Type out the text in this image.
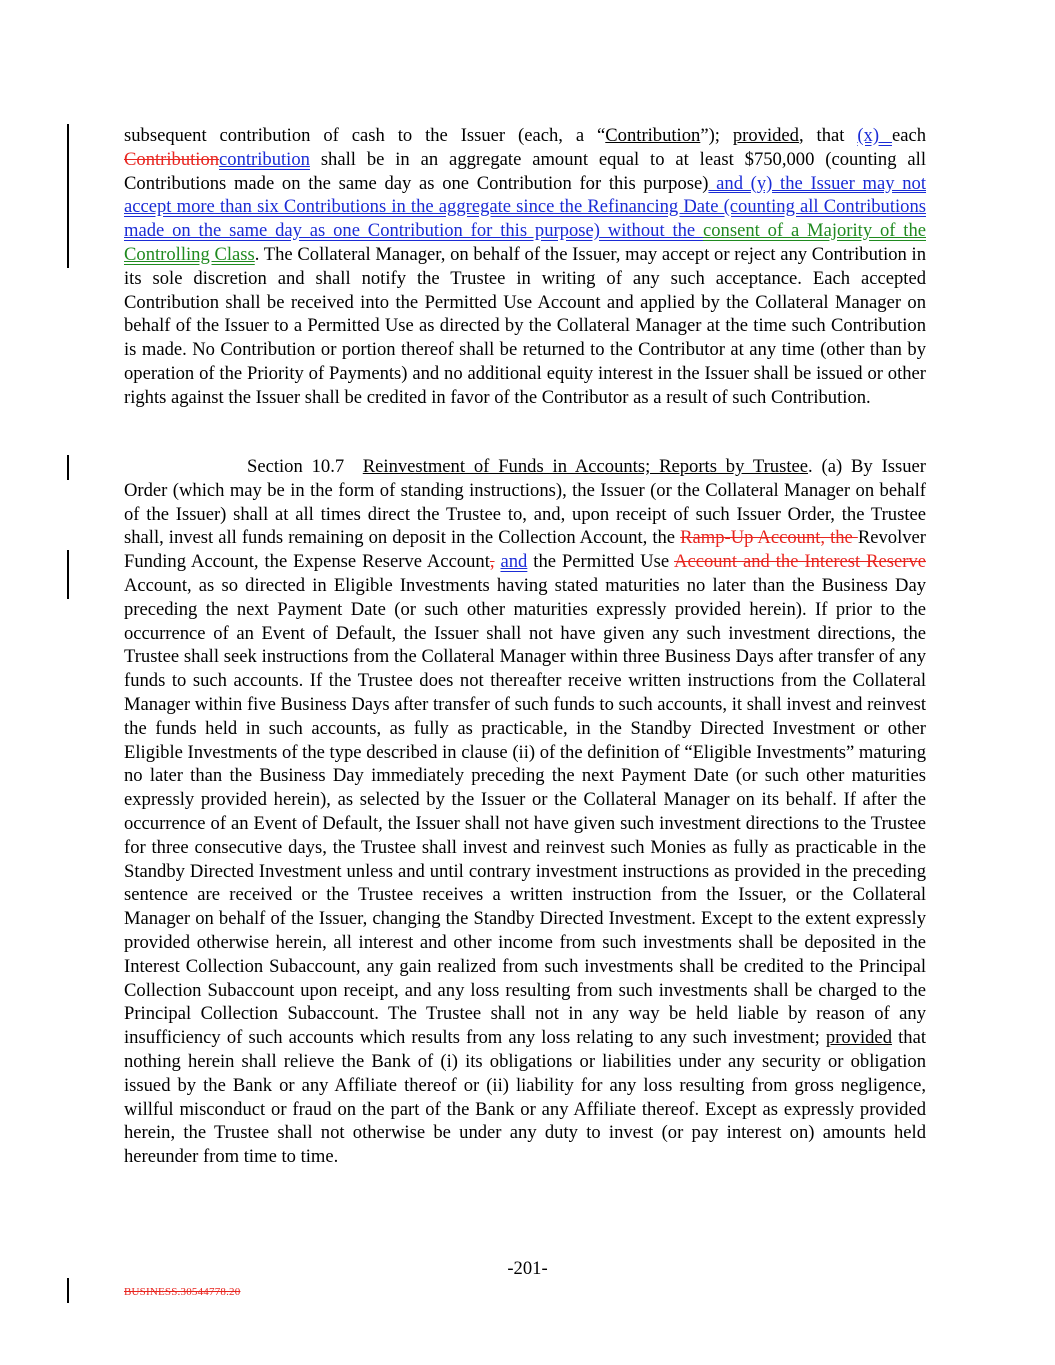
subsequent contribution of cash to the Issuer (each, a “Contribution”); provided, that (x) each Contributioncontribution shall be in an aggregate amount equal to at least $750,000 (counting all Contributions made on the same day as one Contribution for this purpose) and (y) the Issuer may not accept more than six Contributions in the aggregate since the Refinancing Date (counting all Contributions made on the same day as one Contribution for this purpose) without the consent of a Majority of the Controlling Class. The Collateral Manager, on behalf of the Issuer, may accept or reject any Contribution in its sole discretion and shall notify the Trustee in writing of any such acceptance. Each accepted Contribution shall be received into the Permitted Use Account and applied by the Collateral Manager on behalf of the Issuer to a Permitted Use as directed by the Collateral Manager at the time such Contribution is made. No Contribution or portion thereof shall be returned to the Contributor at any time (other than by operation of the Priority of Payments) and no additional equity interest in the Issuer shall be issued or other rights against the Issuer shall be credited in favor of the Contributor as a result of such Contribution.

Section 10.7  Reinvestment of Funds in Accounts; Reports by Trustee. (a) By Issuer Order (which may be in the form of standing instructions), the Issuer (or the Collateral Manager on behalf of the Issuer) shall at all times direct the Trustee to, and, upon receipt of such Issuer Order, the Trustee shall, invest all funds remaining on deposit in the Collection Account, the Ramp-Up Account, the Revolver Funding Account, the Expense Reserve Account, and the Permitted Use Account and the Interest Reserve Account, as so directed in Eligible Investments having stated maturities no later than the Business Day preceding the next Payment Date (or such other maturities expressly provided herein). If prior to the occurrence of an Event of Default, the Issuer shall not have given any such investment directions, the Trustee shall seek instructions from the Collateral Manager within three Business Days after transfer of any funds to such accounts. If the Trustee does not thereafter receive written instructions from the Collateral Manager within five Business Days after transfer of such funds to such accounts, it shall invest and reinvest the funds held in such accounts, as fully as practicable, in the Standby Directed Investment or other Eligible Investments of the type described in clause (ii) of the definition of “Eligible Investments” maturing no later than the Business Day immediately preceding the next Payment Date (or such other maturities expressly provided herein), as selected by the Issuer or the Collateral Manager on its behalf. If after the occurrence of an Event of Default, the Issuer shall not have given such investment directions to the Trustee for three consecutive days, the Trustee shall invest and reinvest such Monies as fully as practicable in the Standby Directed Investment unless and until contrary investment instructions as provided in the preceding sentence are received or the Trustee receives a written instruction from the Issuer, or the Collateral Manager on behalf of the Issuer, changing the Standby Directed Investment. Except to the extent expressly provided otherwise herein, all interest and other income from such investments shall be deposited in the Interest Collection Subaccount, any gain realized from such investments shall be credited to the Principal Collection Subaccount upon receipt, and any loss resulting from such investments shall be charged to the Principal Collection Subaccount. The Trustee shall not in any way be held liable by reason of any insufficiency of such accounts which results from any loss relating to any such investment; provided that nothing herein shall relieve the Bank of (i) its obligations or liabilities under any security or obligation issued by the Bank or any Affiliate thereof or (ii) liability for any loss resulting from gross negligence, willful misconduct or fraud on the part of the Bank or any Affiliate thereof. Except as expressly provided herein, the Trustee shall not otherwise be under any duty to invest (or pay interest on) amounts held hereunder from time to time.

-201-
BUSINESS.30544778.20
